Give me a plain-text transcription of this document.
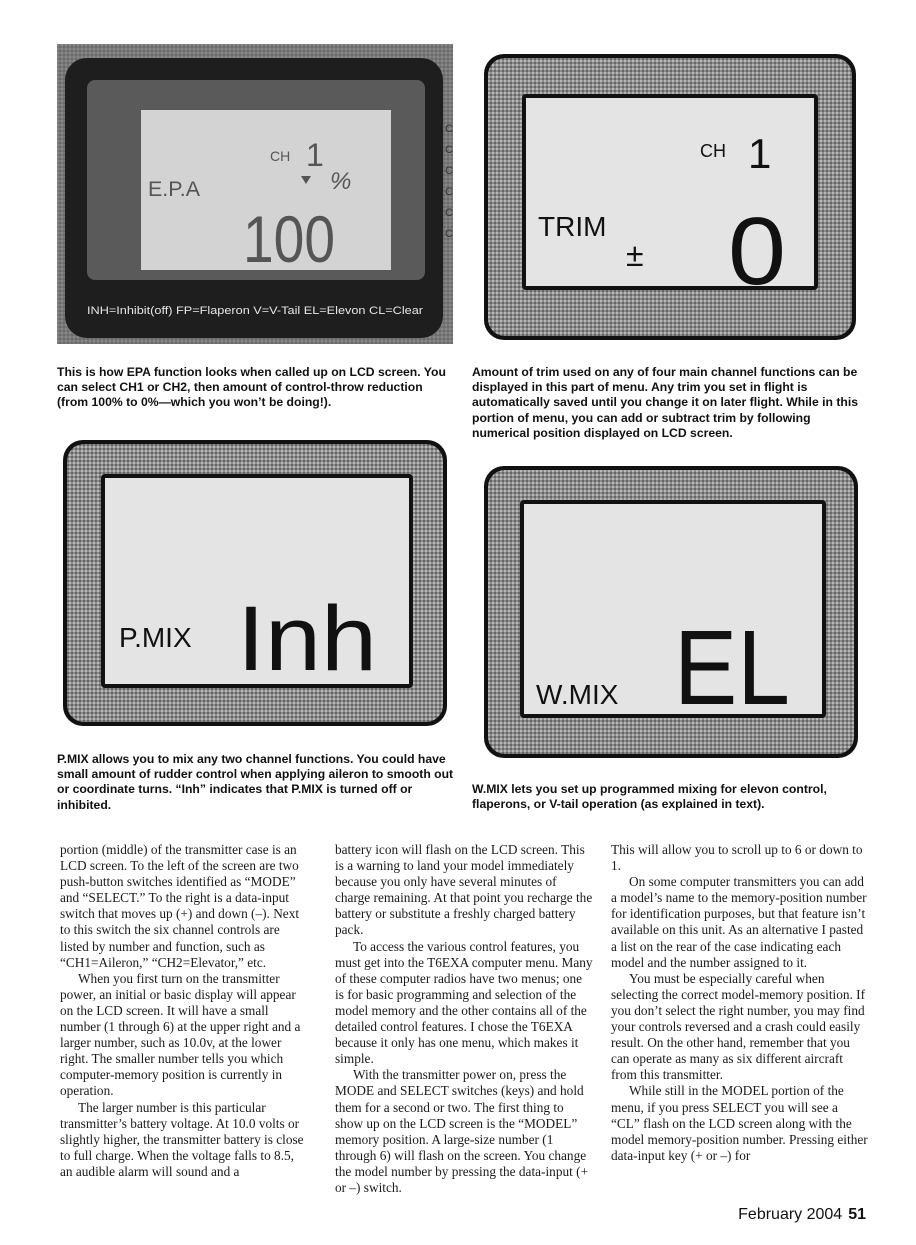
E.P.A
CH 1
%
100
C
C
C
C
C
C
INH=Inhibit(off) FP=Flaperon V=V-Tail EL=Elevon CL=Clear
CH 1
TRIM
± 0
P.MIX Inh
W.MIX EL

This is how EPA function looks when called up on LCD screen. You can select CH1 or CH2, then amount of control-throw reduction (from 100% to 0%—which you won’t be doing!).

Amount of trim used on any of four main channel functions can be displayed in this part of menu. Any trim you set in flight is automatically saved until you change it on later flight. While in this portion of menu, you can add or subtract trim by following numerical position displayed on LCD screen.

P.MIX allows you to mix any two channel functions. You could have small amount of rudder control when applying aileron to smooth out or coordinate turns. “Inh” indicates that P.MIX is turned off or inhibited.

W.MIX lets you set up programmed mixing for elevon control, flaperons, or V-tail operation (as explained in text).

portion (middle) of the transmitter case is an LCD screen. To the left of the screen are two push-button switches identified as “MODE” and “SELECT.” To the right is a data-input switch that moves up (+) and down (–). Next to this switch the six channel controls are listed by number and function, such as “CH1=Aileron,” “CH2=Elevator,” etc.

When you first turn on the transmitter power, an initial or basic display will appear on the LCD screen. It will have a small number (1 through 6) at the upper right and a larger number, such as 10.0v, at the lower right. The smaller number tells you which computer-memory position is currently in operation.

The larger number is this particular transmitter’s battery voltage. At 10.0 volts or slightly higher, the transmitter battery is close to full charge. When the voltage falls to 8.5, an audible alarm will sound and a

battery icon will flash on the LCD screen. This is a warning to land your model immediately because you only have several minutes of charge remaining. At that point you recharge the battery or substitute a freshly charged battery pack.

To access the various control features, you must get into the T6EXA computer menu. Many of these computer radios have two menus; one is for basic programming and selection of the model memory and the other contains all of the detailed control features. I chose the T6EXA because it only has one menu, which makes it simple.

With the transmitter power on, press the MODE and SELECT switches (keys) and hold them for a second or two. The first thing to show up on the LCD screen is the “MODEL” memory position. A large-size number (1 through 6) will flash on the screen. You change the model number by pressing the data-input (+ or –) switch.

This will allow you to scroll up to 6 or down to 1.

On some computer transmitters you can add a model’s name to the memory-position number for identification purposes, but that feature isn’t available on this unit. As an alternative I pasted a list on the rear of the case indicating each model and the number assigned to it.

You must be especially careful when selecting the correct model-memory position. If you don’t select the right number, you may find your controls reversed and a crash could easily result. On the other hand, remember that you can operate as many as six different aircraft from this transmitter.

While still in the MODEL portion of the menu, if you press SELECT you will see a “CL” flash on the LCD screen along with the model memory-position number. Pressing either data-input key (+ or –) for

February 2004 51
